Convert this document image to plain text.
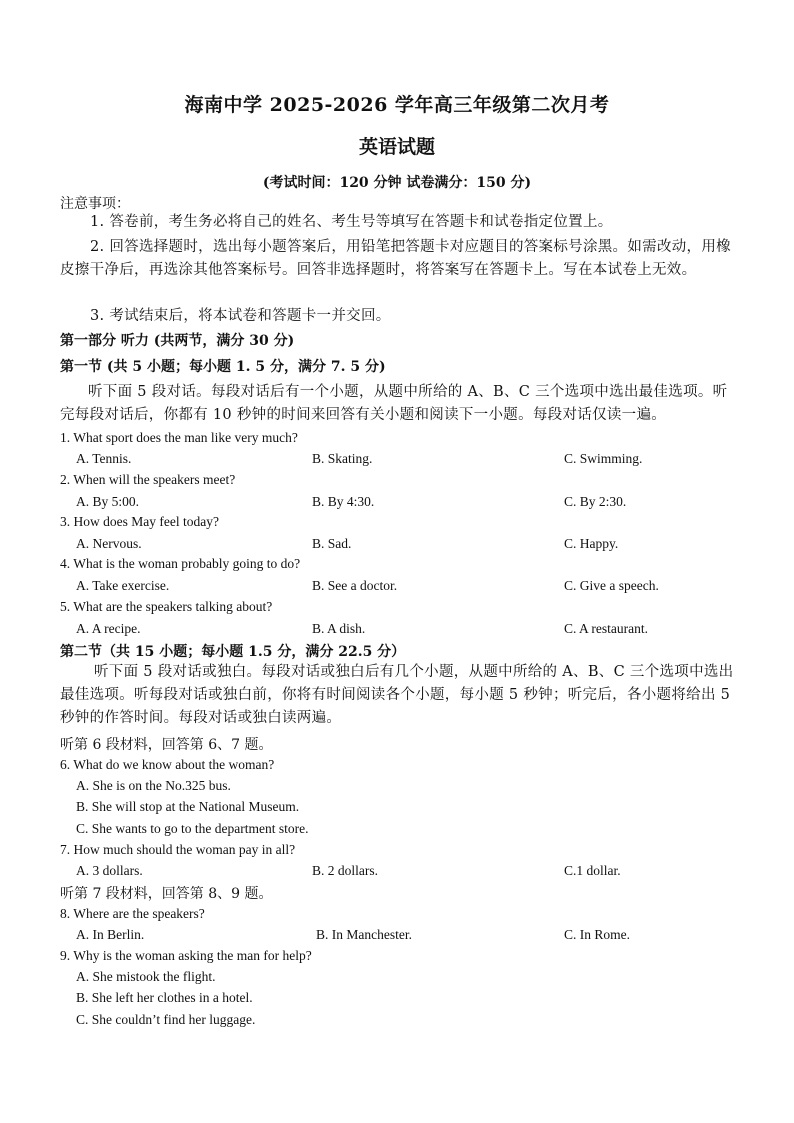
海南中学 2025-2026 学年高三年级第二次月考
英语试题
(考试时间：120 分钟 试卷满分：150 分)
注意事项：
1. 答卷前，考生务必将自己的姓名、考生号等填写在答题卡和试卷指定位置上。
2. 回答选择题时，选出每小题答案后，用铅笔把答题卡对应题目的答案标号涂黑。如需改动，用橡皮擦干净后，再选涂其他答案标号。回答非选择题时，将答案写在答题卡上。写在本试卷上无效。
3. 考试结束后，将本试卷和答题卡一并交回。
第一部分 听力 (共两节，满分 30 分)
第一节 (共 5 小题；每小题 1. 5 分，满分 7. 5 分)
听下面 5 段对话。每段对话后有一个小题，从题中所给的 A、B、C 三个选项中选出最佳选项。听完每段对话后，你都有 10 秒钟的时间来回答有关小题和阅读下一小题。每段对话仅读一遍。
1. What sport does the man like very much?
A. Tennis.	B. Skating.	C. Swimming.
2. When will the speakers meet?
A. By 5:00.	B. By 4:30.	C. By 2:30.
3. How does May feel today?
A. Nervous.	B. Sad.	C. Happy.
4. What is the woman probably going to do?
A. Take exercise.	B. See a doctor.	C. Give a speech.
5. What are the speakers talking about?
A. A recipe.	B. A dish.	C. A restaurant.
第二节（共 15 小题；每小题 1.5 分，满分 22.5 分）
听下面 5 段对话或独白。每段对话或独白后有几个小题，从题中所给的 A、B、C 三个选项中选出最佳选项。听每段对话或独白前，你将有时间阅读各个小题，每小题 5 秒钟；听完后，各小题将给出 5 秒钟的作答时间。每段对话或独白读两遍。
听第 6 段材料，回答第 6、7 题。
6. What do we know about the woman?
A. She is on the No.325 bus.
B. She will stop at the National Museum.
C. She wants to go to the department store.
7. How much should the woman pay in all?
A. 3 dollars.	B. 2 dollars.	C.1 dollar.
听第 7 段材料，回答第 8、9 题。
8. Where are the speakers?
A. In Berlin.	B. In Manchester.	C. In Rome.
9. Why is the woman asking the man for help?
A. She mistook the flight.
B. She left her clothes in a hotel.
C. She couldn’t find her luggage.
